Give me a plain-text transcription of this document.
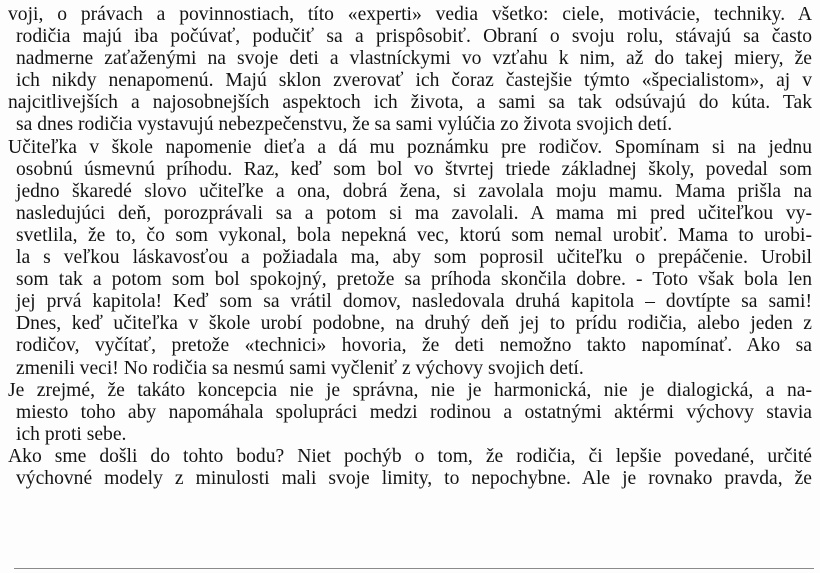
voji, o právach a povinnostiach, títo «experti» vedia všetko: ciele, motivácie, techniky. A
rodičia majú iba počúvať, podučiť sa a prispôsobiť. Obraní o svoju rolu, stávajú sa často
nadmerne zaťaženými na svoje deti a vlastníckymi vo vzťahu k nim, až do takej miery, že
ich nikdy nenapomenú. Majú sklon zverovať ich čoraz častejšie týmto «špecialistom», aj v
najcitlivejších a najosobnejších aspektoch ich života, a sami sa tak odsúvajú do kúta. Tak
sa dnes rodičia vystavujú nebezpečenstvu, že sa sami vylúčia zo života svojich detí.
Učiteľka v škole napomenie dieťa a dá mu poznámku pre rodičov. Spomínam si na jednu
osobnú úsmevnú príhodu. Raz, keď som bol vo štvrtej triede základnej školy, povedal som
jedno škaredé slovo učiteľke a ona, dobrá žena, si zavolala moju mamu. Mama prišla na
nasledujúci deň, porozprávali sa a potom si ma zavolali. A mama mi pred učiteľkou vy-
svetlila, že to, čo som vykonal, bola nepekná vec, ktorú som nemal urobiť. Mama to urobi-
la s veľkou láskavosťou a požiadala ma, aby som poprosil učiteľku o prepáčenie. Urobil
som tak a potom som bol spokojný, pretože sa príhoda skončila dobre. - Toto však bola len
jej prvá kapitola! Keď som sa vrátil domov, nasledovala druhá kapitola – dovtípte sa sami!
Dnes, keď učiteľka v škole urobí podobne, na druhý deň jej to prídu rodičia, alebo jeden z
rodičov, vyčítať, pretože «technici» hovoria, že deti nemožno takto napomínať. Ako sa
zmenili veci! No rodičia sa nesmú sami vyčleniť z výchovy svojich detí.
Je zrejmé, že takáto koncepcia nie je správna, nie je harmonická, nie je dialogická, a na-
miesto toho aby napomáhala spolupráci medzi rodinou a ostatnými aktérmi výchovy stavia
ich proti sebe.
Ako sme došli do tohto bodu? Niet pochýb o tom, že rodičia, či lepšie povedané, určité
výchovné modely z minulosti mali svoje limity, to nepochybne. Ale je rovnako pravda, že
